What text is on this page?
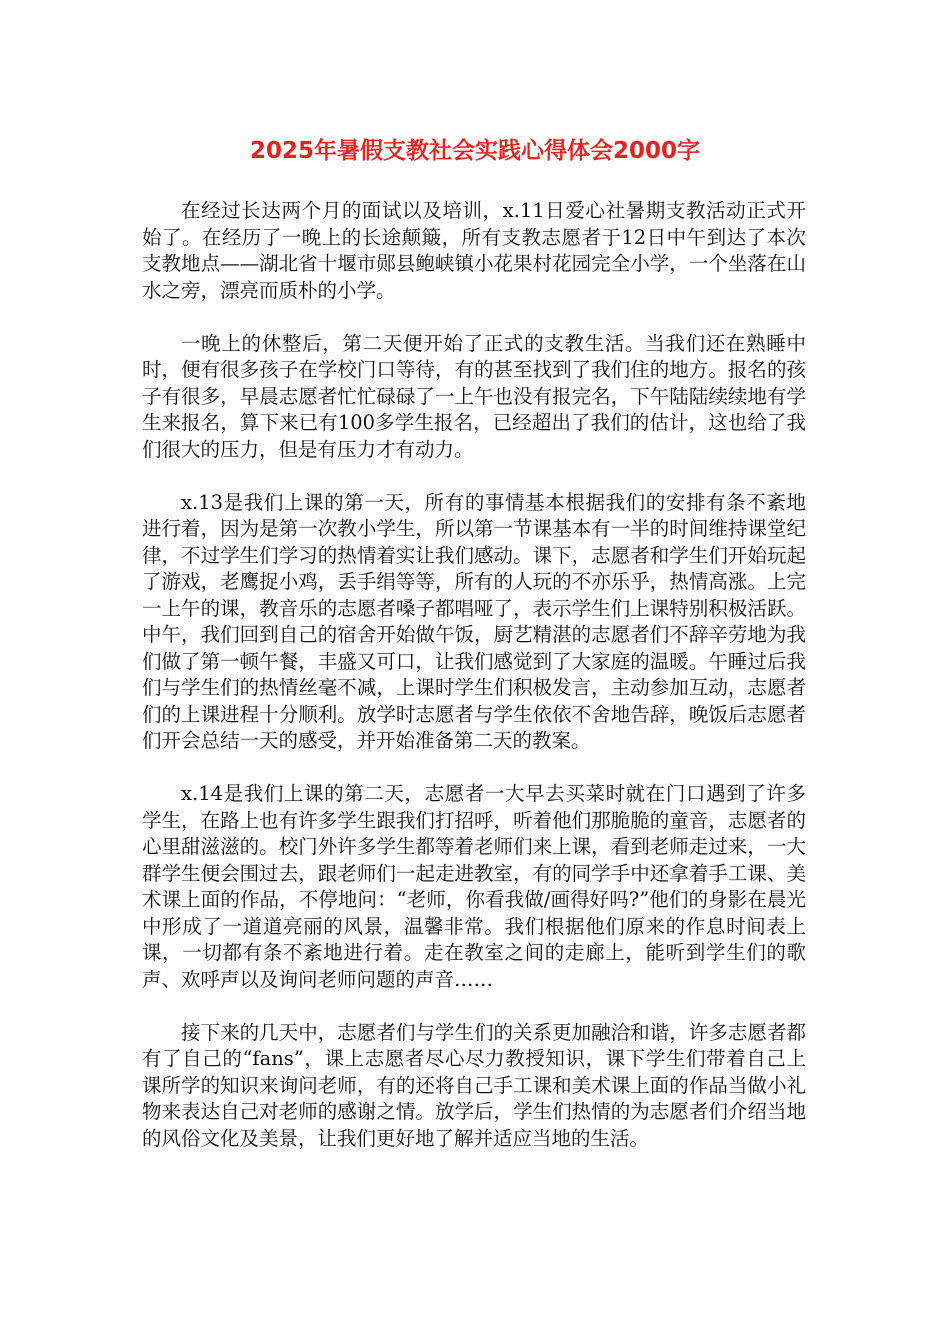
2025年暑假支教社会实践心得体会2000字

在经过长达两个月的面试以及培训，x.11日爱心社暑期支教活动正式开始了。在经历了一晚上的长途颠簸，所有支教志愿者于12日中午到达了本次支教地点——湖北省十堰市郧县鲍峡镇小花果村花园完全小学，一个坐落在山水之旁，漂亮而质朴的小学。

一晚上的休整后，第二天便开始了正式的支教生活。当我们还在熟睡中时，便有很多孩子在学校门口等待，有的甚至找到了我们住的地方。报名的孩子有很多，早晨志愿者忙忙碌碌了一上午也没有报完名，下午陆陆续续地有学生来报名，算下来已有100多学生报名，已经超出了我们的估计，这也给了我们很大的压力，但是有压力才有动力。

x.13是我们上课的第一天，所有的事情基本根据我们的安排有条不紊地进行着，因为是第一次教小学生，所以第一节课基本有一半的时间维持课堂纪律，不过学生们学习的热情着实让我们感动。课下，志愿者和学生们开始玩起了游戏，老鹰捉小鸡，丢手绢等等，所有的人玩的不亦乐乎，热情高涨。上完一上午的课，教音乐的志愿者嗓子都唱哑了，表示学生们上课特别积极活跃。中午，我们回到自己的宿舍开始做午饭，厨艺精湛的志愿者们不辞辛劳地为我们做了第一顿午餐，丰盛又可口，让我们感觉到了大家庭的温暖。午睡过后我们与学生们的热情丝毫不减，上课时学生们积极发言，主动参加互动，志愿者们的上课进程十分顺利。放学时志愿者与学生依依不舍地告辞，晚饭后志愿者们开会总结一天的感受，并开始准备第二天的教案。

x.14是我们上课的第二天，志愿者一大早去买菜时就在门口遇到了许多学生，在路上也有许多学生跟我们打招呼，听着他们那脆脆的童音，志愿者的心里甜滋滋的。校门外许多学生都等着老师们来上课，看到老师走过来，一大群学生便会围过去，跟老师们一起走进教室，有的同学手中还拿着手工课、美术课上面的作品，不停地问：“老师，你看我做/画得好吗?”他们的身影在晨光中形成了一道道亮丽的风景，温馨非常。我们根据他们原来的作息时间表上课，一切都有条不紊地进行着。走在教室之间的走廊上，能听到学生们的歌声、欢呼声以及询问老师问题的声音……

接下来的几天中，志愿者们与学生们的关系更加融洽和谐，许多志愿者都有了自己的“fans”，课上志愿者尽心尽力教授知识，课下学生们带着自己上课所学的知识来询问老师，有的还将自己手工课和美术课上面的作品当做小礼物来表达自己对老师的感谢之情。放学后，学生们热情的为志愿者们介绍当地的风俗文化及美景，让我们更好地了解并适应当地的生活。
